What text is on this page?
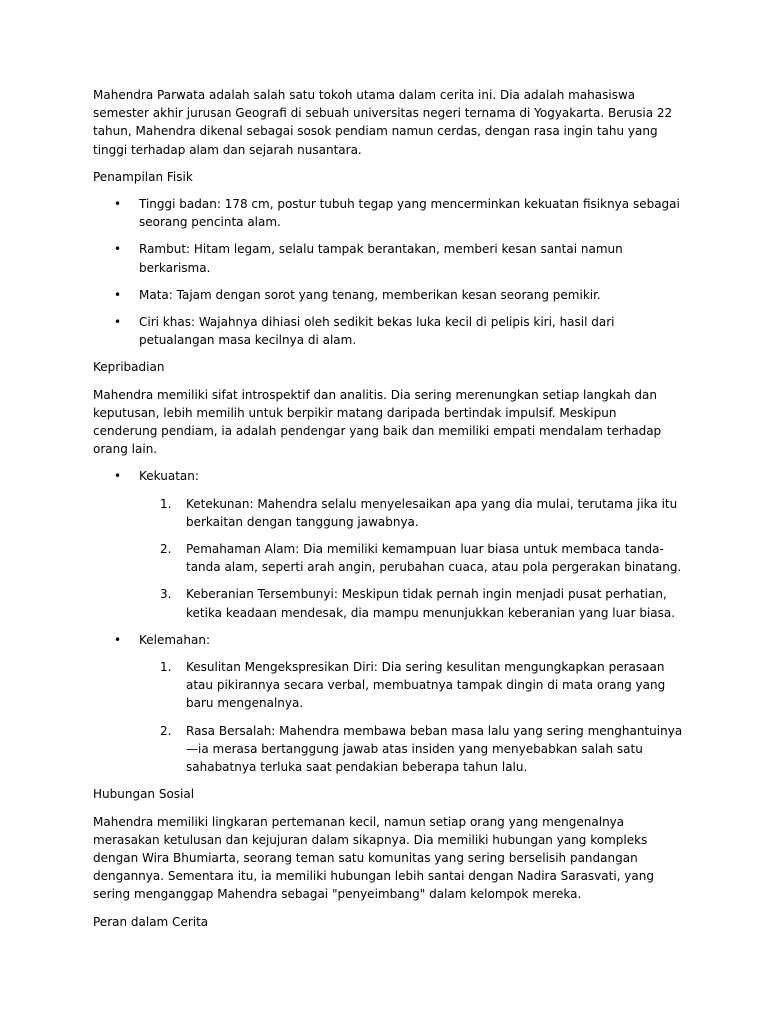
Mahendra Parwata adalah salah satu tokoh utama dalam cerita ini. Dia adalah mahasiswa semester akhir jurusan Geografi di sebuah universitas negeri ternama di Yogyakarta. Berusia 22 tahun, Mahendra dikenal sebagai sosok pendiam namun cerdas, dengan rasa ingin tahu yang tinggi terhadap alam dan sejarah nusantara.

Penampilan Fisik

• Tinggi badan: 178 cm, postur tubuh tegap yang mencerminkan kekuatan fisiknya sebagai seorang pencinta alam.
• Rambut: Hitam legam, selalu tampak berantakan, memberi kesan santai namun berkarisma.
• Mata: Tajam dengan sorot yang tenang, memberikan kesan seorang pemikir.
• Ciri khas: Wajahnya dihiasi oleh sedikit bekas luka kecil di pelipis kiri, hasil dari petualangan masa kecilnya di alam.

Kepribadian

Mahendra memiliki sifat introspektif dan analitis. Dia sering merenungkan setiap langkah dan keputusan, lebih memilih untuk berpikir matang daripada bertindak impulsif. Meskipun cenderung pendiam, ia adalah pendengar yang baik dan memiliki empati mendalam terhadap orang lain.

• Kekuatan:
1. Ketekunan: Mahendra selalu menyelesaikan apa yang dia mulai, terutama jika itu berkaitan dengan tanggung jawabnya.
2. Pemahaman Alam: Dia memiliki kemampuan luar biasa untuk membaca tanda-tanda alam, seperti arah angin, perubahan cuaca, atau pola pergerakan binatang.
3. Keberanian Tersembunyi: Meskipun tidak pernah ingin menjadi pusat perhatian, ketika keadaan mendesak, dia mampu menunjukkan keberanian yang luar biasa.
• Kelemahan:
1. Kesulitan Mengekspresikan Diri: Dia sering kesulitan mengungkapkan perasaan atau pikirannya secara verbal, membuatnya tampak dingin di mata orang yang baru mengenalnya.
2. Rasa Bersalah: Mahendra membawa beban masa lalu yang sering menghantuinya—ia merasa bertanggung jawab atas insiden yang menyebabkan salah satu sahabatnya terluka saat pendakian beberapa tahun lalu.

Hubungan Sosial

Mahendra memiliki lingkaran pertemanan kecil, namun setiap orang yang mengenalnya merasakan ketulusan dan kejujuran dalam sikapnya. Dia memiliki hubungan yang kompleks dengan Wira Bhumiarta, seorang teman satu komunitas yang sering berselisih pandangan dengannya. Sementara itu, ia memiliki hubungan lebih santai dengan Nadira Sarasvati, yang sering menganggap Mahendra sebagai "penyeimbang" dalam kelompok mereka.

Peran dalam Cerita
